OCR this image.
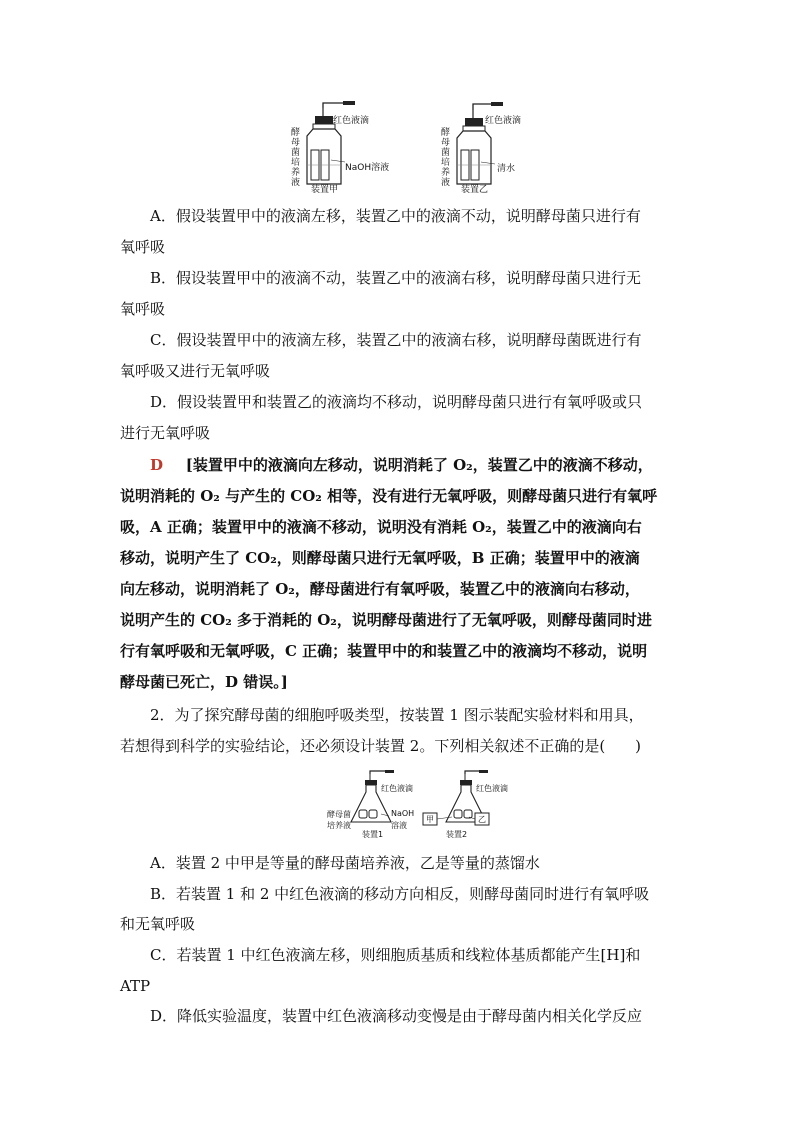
红色液滴
酵母菌培养液
NaOH溶液
装置甲
红色液滴
酵母菌培养液
清水
装置乙
A．假设装置甲中的液滴左移，装置乙中的液滴不动，说明酵母菌只进行有
氧呼吸
B．假设装置甲中的液滴不动，装置乙中的液滴右移，说明酵母菌只进行无
氧呼吸
C．假设装置甲中的液滴左移，装置乙中的液滴右移，说明酵母菌既进行有
氧呼吸又进行无氧呼吸
D．假设装置甲和装置乙的液滴均不移动，说明酵母菌只进行有氧呼吸或只
进行无氧呼吸
D [装置甲中的液滴向左移动，说明消耗了 O₂，装置乙中的液滴不移动，
说明消耗的 O₂ 与产生的 CO₂ 相等，没有进行无氧呼吸，则酵母菌只进行有氧呼
吸，A 正确；装置甲中的液滴不移动，说明没有消耗 O₂，装置乙中的液滴向右
移动，说明产生了 CO₂，则酵母菌只进行无氧呼吸，B 正确；装置甲中的液滴
向左移动，说明消耗了 O₂，酵母菌进行有氧呼吸，装置乙中的液滴向右移动，
说明产生的 CO₂ 多于消耗的 O₂，说明酵母菌进行了无氧呼吸，则酵母菌同时进
行有氧呼吸和无氧呼吸，C 正确；装置甲中的和装置乙中的液滴均不移动，说明
酵母菌已死亡，D 错误。]
2．为了探究酵母菌的细胞呼吸类型，按装置 1 图示装配实验材料和用具，
若想得到科学的实验结论，还必须设计装置 2。下列相关叙述不正确的是(　　)
红色液滴
酵母菌
培养液
NaOH
溶液
装置1
红色液滴
甲	乙
装置2
A．装置 2 中甲是等量的酵母菌培养液，乙是等量的蒸馏水
B．若装置 1 和 2 中红色液滴的移动方向相反，则酵母菌同时进行有氧呼吸
和无氧呼吸
C．若装置 1 中红色液滴左移，则细胞质基质和线粒体基质都能产生[H]和
ATP
D．降低实验温度，装置中红色液滴移动变慢是由于酵母菌内相关化学反应
